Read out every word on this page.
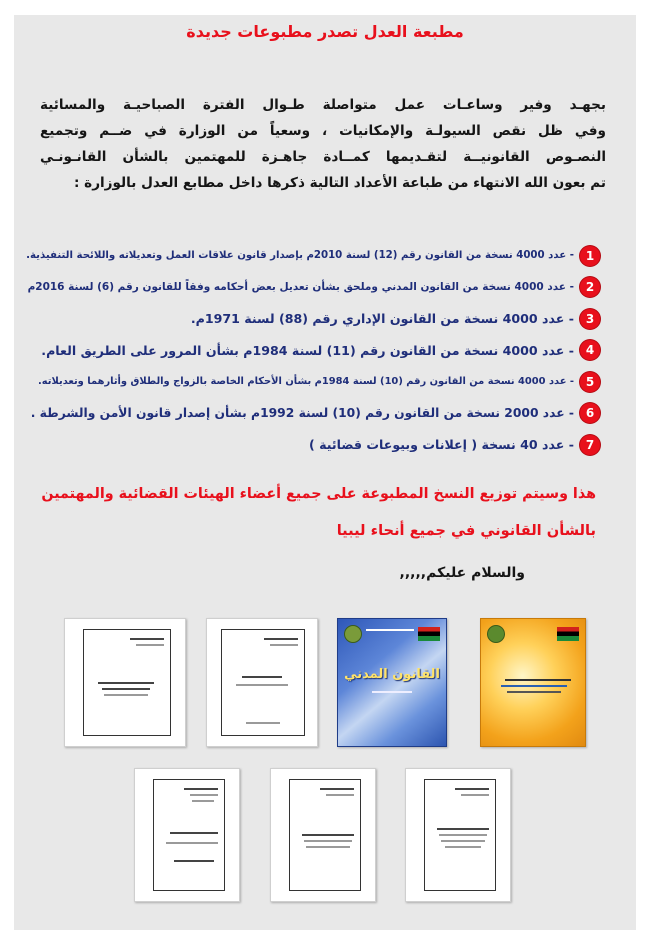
مطبعة العدل تصدر مطبوعات جديدة
بجهـد وفير وساعـات عمل متواصلة طـوال الفترة الصباحيـة والمسائية
وفي ظل نقص السيولـة والإمكانيات ، وسعياً من الوزارة في ضــم وتجميع
النصـوص القانونيــة لتقـديمها كمــادة جاهـزة للمهتمين بالشأن القانـونـي
تم بعون الله الانتهاء من طباعة الأعداد التالية ذكرها داخل مطابع العدل بالوزارة :
1
- عدد 4000 نسخة من القانون رقم (12) لسنة 2010م بإصدار قانون علاقات العمل وتعديلاته واللائحة التنفيذية.
2
- عدد 4000 نسخة من القانون المدني وملحق بشأن تعديل بعض أحكامه وفقاً للقانون رقم (6) لسنة 2016م
3
- عدد 4000 نسخة من القانون الإداري رقم (88) لسنة 1971م.
4
- عدد 4000 نسخة من القانون رقم (11) لسنة 1984م بشأن المرور على الطريق العام.
5
- عدد 4000 نسخة من القانون رقم (10) لسنة 1984م بشأن الأحكام الخاصة بالزواج والطلاق وأثارهما وتعديلاته.
6
- عدد 2000 نسخة من القانون رقم (10) لسنة 1992م بشأن إصدار قانون الأمن والشرطة .
7
- عدد 40 نسخة ( إعلانات وبيوعات قضائية )
هذا وسيتم توزيع النسخ المطبوعة على جميع أعضاء الهيئات القضائية والمهتمين
بالشأن القانوني في جميع أنحاء ليبيا
والسلام عليكم,,,,,
القانون المدني
